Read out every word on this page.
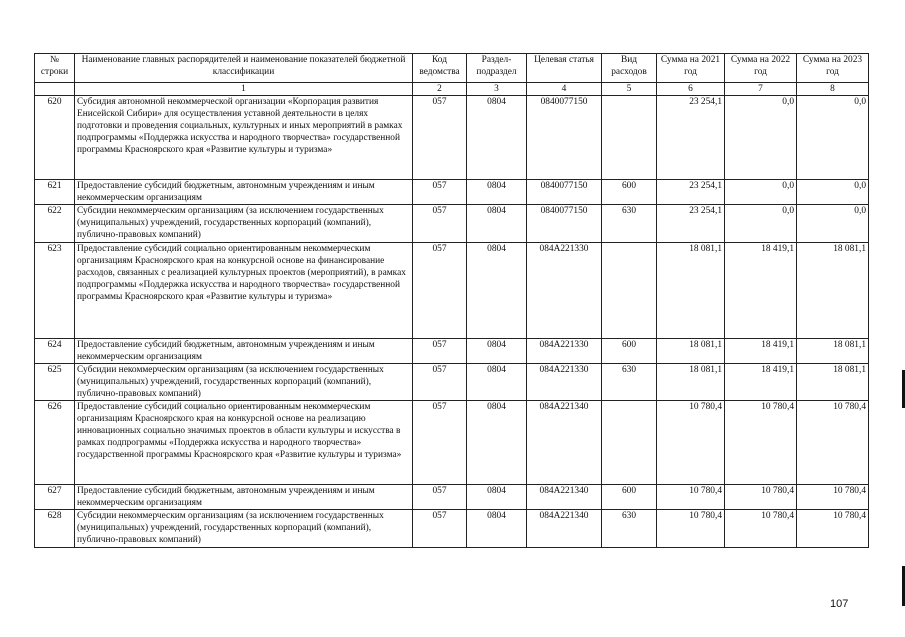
№ строки	Наименование главных распорядителей и наименование показателей бюджетной классификации	Код ведомства	Раздел-подраздел	Целевая статья	Вид расходов	Сумма на 2021 год	Сумма на 2022 год	Сумма на 2023 год
	1	2	3	4	5	6	7	8
620	Субсидия автономной некоммерческой организации «Корпорация развития Енисейской Сибири» для осуществления уставной деятельности в целях подготовки и проведения социальных, культурных и иных мероприятий в рамках подпрограммы «Поддержка искусства и народного творчества» государственной программы Красноярского края «Развитие культуры и туризма»	057	0804	0840077150		23 254,1	0,0	0,0
621	Предоставление субсидий бюджетным, автономным учреждениям и иным некоммерческим организациям	057	0804	0840077150	600	23 254,1	0,0	0,0
622	Субсидии некоммерческим организациям (за исключением государственных (муниципальных) учреждений, государственных корпораций (компаний), публично-правовых компаний)	057	0804	0840077150	630	23 254,1	0,0	0,0
623	Предоставление субсидий социально ориентированным некоммерческим организациям Красноярского края на конкурсной основе на финансирование расходов, связанных с реализацией культурных проектов (мероприятий), в рамках подпрограммы «Поддержка искусства и народного творчества» государственной программы Красноярского края «Развитие культуры и туризма»	057	0804	084A221330		18 081,1	18 419,1	18 081,1
624	Предоставление субсидий бюджетным, автономным учреждениям и иным некоммерческим организациям	057	0804	084A221330	600	18 081,1	18 419,1	18 081,1
625	Субсидии некоммерческим организациям (за исключением государственных (муниципальных) учреждений, государственных корпораций (компаний), публично-правовых компаний)	057	0804	084A221330	630	18 081,1	18 419,1	18 081,1
626	Предоставление субсидий социально ориентированным некоммерческим организациям Красноярского края на конкурсной основе на реализацию инновационных социально значимых проектов в области культуры и искусства в рамках подпрограммы «Поддержка искусства и народного творчества» государственной программы Красноярского края «Развитие культуры и туризма»	057	0804	084A221340		10 780,4	10 780,4	10 780,4
627	Предоставление субсидий бюджетным, автономным учреждениям и иным некоммерческим организациям	057	0804	084A221340	600	10 780,4	10 780,4	10 780,4
628	Субсидии некоммерческим организациям (за исключением государственных (муниципальных) учреждений, государственных корпораций (компаний), публично-правовых компаний)	057	0804	084A221340	630	10 780,4	10 780,4	10 780,4
107
